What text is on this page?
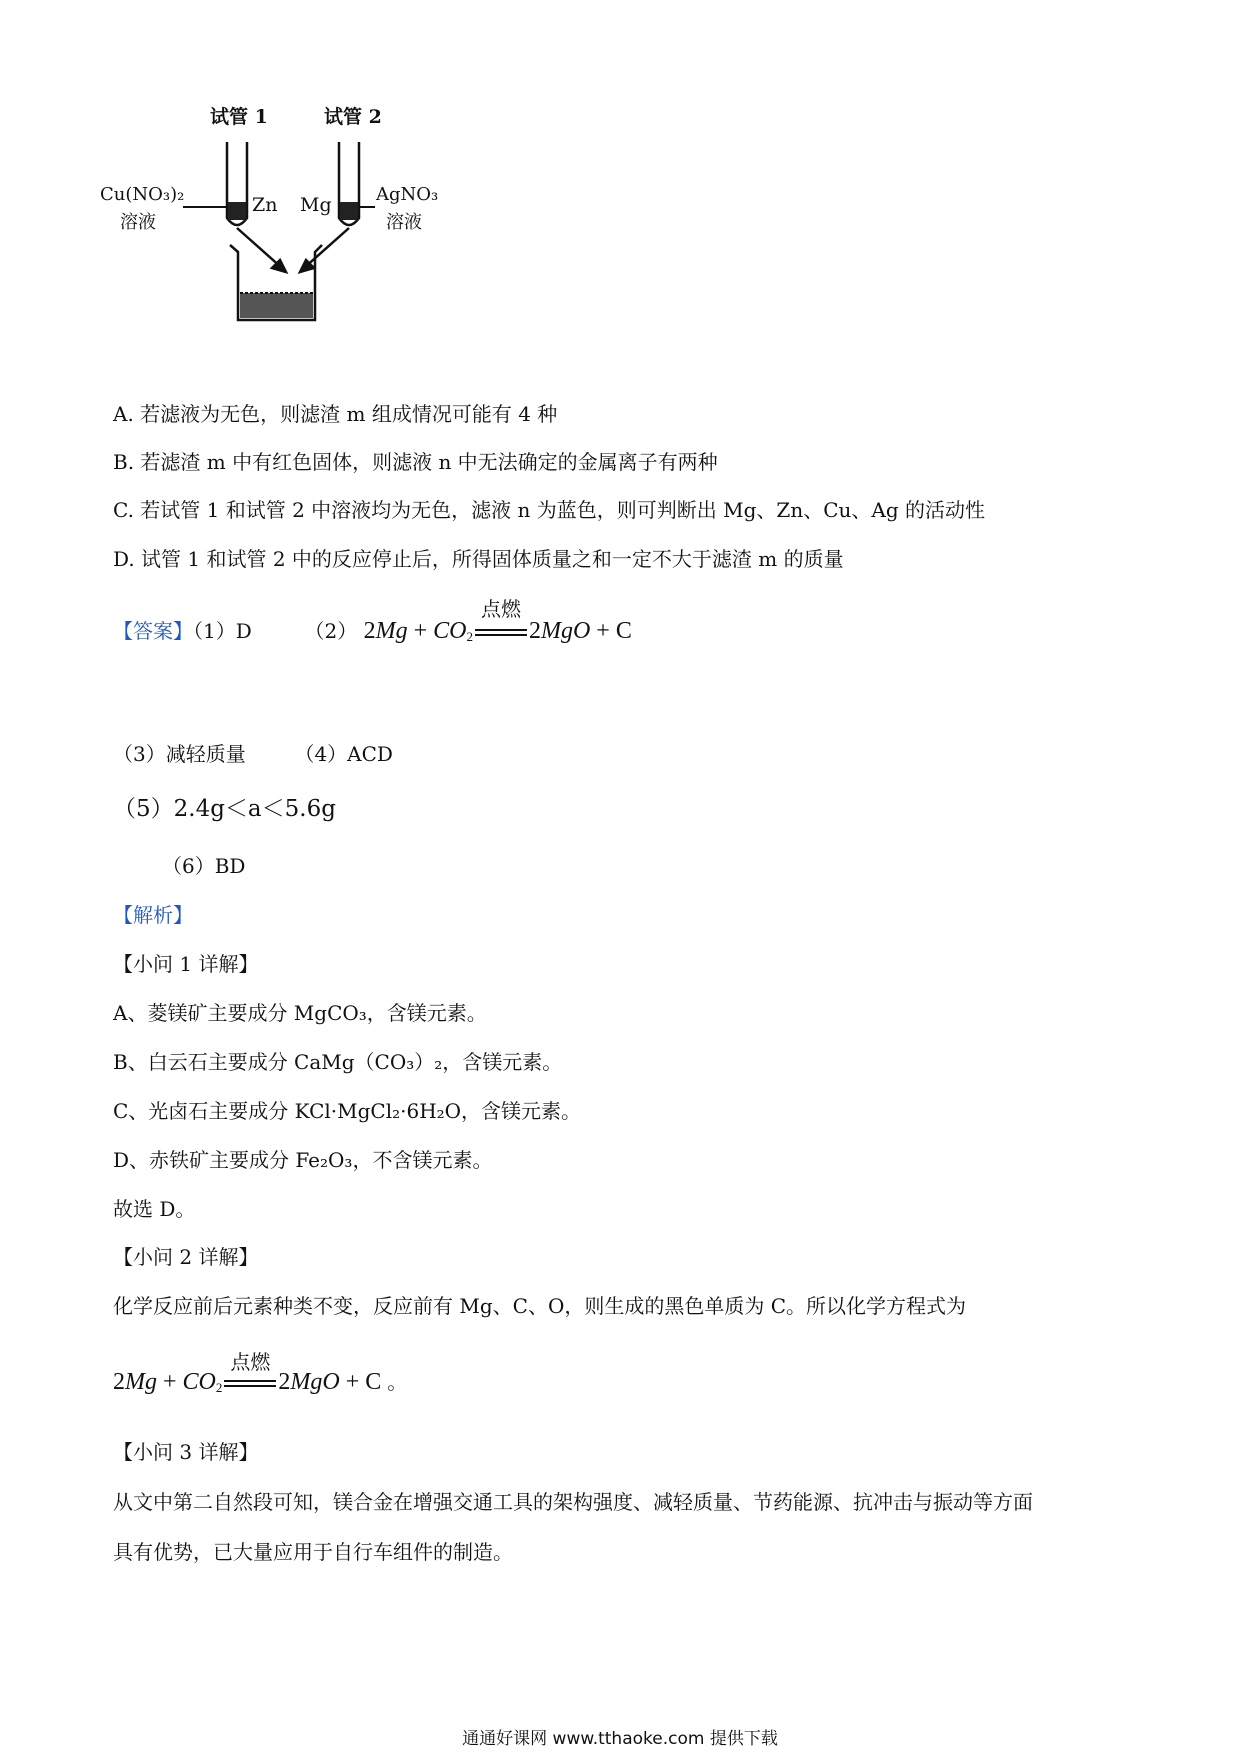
试管 1	试管 2
Cu(NO₃)₂
溶液
AgNO₃
溶液
Zn Mg
A. 若滤液为无色，则滤渣 m 组成情况可能有 4 种
B. 若滤渣 m 中有红色固体，则滤液 n 中无法确定的金属离子有两种
C. 若试管 1 和试管 2 中溶液均为无色，滤液 n 为蓝色，则可判断出 Mg、Zn、Cu、Ag 的活动性
D. 试管 1 和试管 2 中的反应停止后，所得固体质量之和一定不大于滤渣 m 的质量
【答案】（1）D	（2） $2Mg + CO_2$
点燃
2MgO + C
（3）减轻质量 （4）ACD
（5）2.4g＜a＜5.6g
（6）BD
【解析】
【小问 1 详解】
A、菱镁矿主要成分 MgCO₃，含镁元素。
B、白云石主要成分 CaMg（CO₃）₂，含镁元素。
C、光卤石主要成分 KCl·MgCl₂·6H₂O，含镁元素。
D、赤铁矿主要成分 Fe₂O₃，不含镁元素。
故选 D。
【小问 2 详解】
化学反应前后元素种类不变，反应前有 Mg、C、O，则生成的黑色单质为 C。所以化学方程式为
$2Mg + CO_2$
点燃
2MgO + C 。
【小问 3 详解】
从文中第二自然段可知，镁合金在增强交通工具的架构强度、减轻质量、节药能源、抗冲击与振动等方面
具有优势，已大量应用于自行车组件的制造。
通通好课网 www.tthaoke.com 提供下载
